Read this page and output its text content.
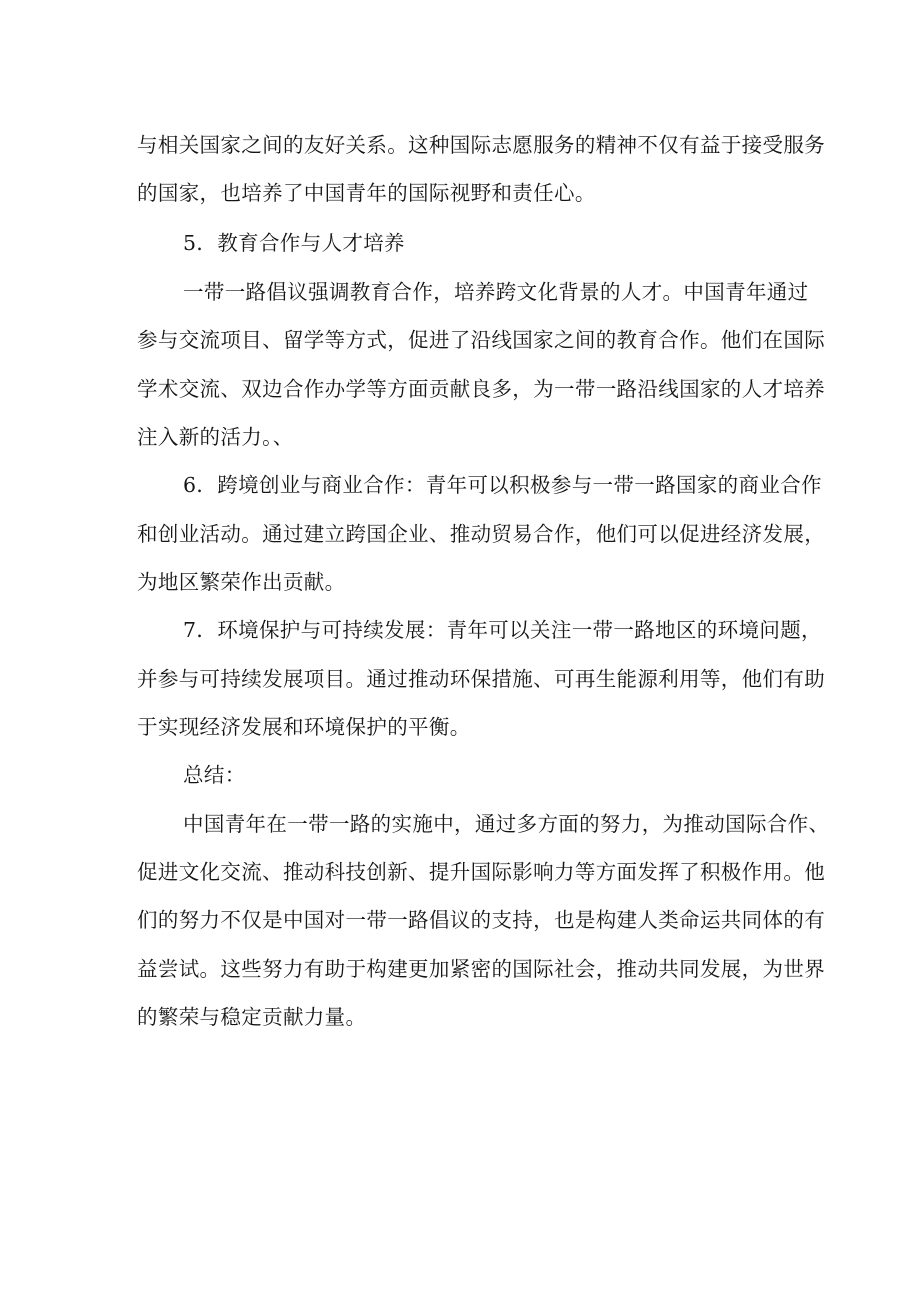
与相关国家之间的友好关系。这种国际志愿服务的精神不仅有益于接受服务
的国家，也培养了中国青年的国际视野和责任心。
5．教育合作与人才培养
一带一路倡议强调教育合作，培养跨文化背景的人才。中国青年通过
参与交流项目、留学等方式，促进了沿线国家之间的教育合作。他们在国际
学术交流、双边合作办学等方面贡献良多，为一带一路沿线国家的人才培养
注入新的活力。、
6．跨境创业与商业合作：青年可以积极参与一带一路国家的商业合作
和创业活动。通过建立跨国企业、推动贸易合作，他们可以促进经济发展，
为地区繁荣作出贡献。
7．环境保护与可持续发展：青年可以关注一带一路地区的环境问题，
并参与可持续发展项目。通过推动环保措施、可再生能源利用等，他们有助
于实现经济发展和环境保护的平衡。
总结：
中国青年在一带一路的实施中，通过多方面的努力，为推动国际合作、
促进文化交流、推动科技创新、提升国际影响力等方面发挥了积极作用。他
们的努力不仅是中国对一带一路倡议的支持，也是构建人类命运共同体的有
益尝试。这些努力有助于构建更加紧密的国际社会，推动共同发展，为世界
的繁荣与稳定贡献力量。
